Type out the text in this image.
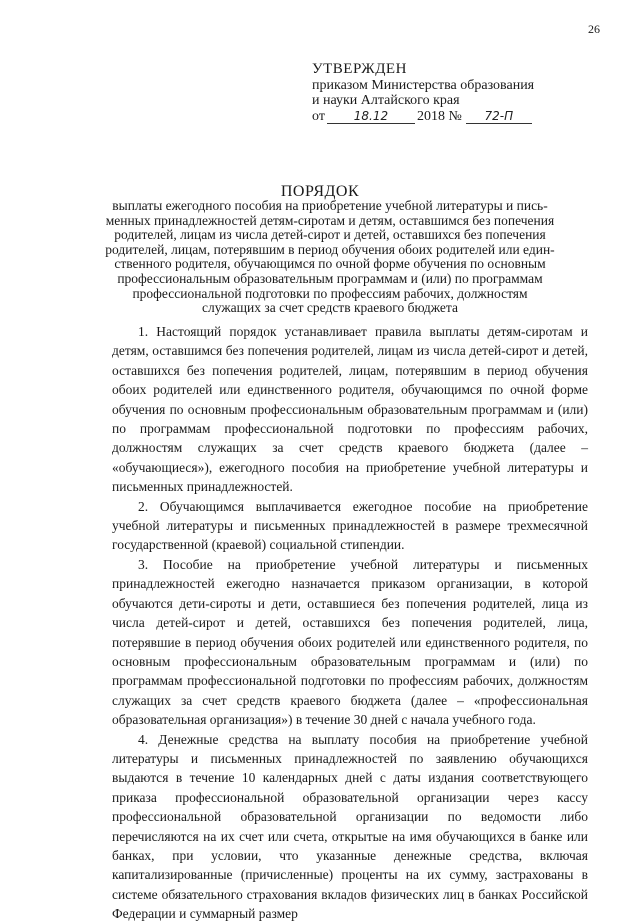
26
УТВЕРЖДЕН
приказом Министерства образования
и науки Алтайского края
от 18.12 2018 № 72-П
ПОРЯДОК
выплаты ежегодного пособия на приобретение учебной литературы и пись-
менных принадлежностей детям-сиротам и детям, оставшимся без попечения
родителей, лицам из числа детей-сирот и детей, оставшихся без попечения
родителей, лицам, потерявшим в период обучения обоих родителей или един-
ственного родителя, обучающимся по очной форме обучения по основным
профессиональным образовательным программам и (или) по программам
профессиональной подготовки по профессиям рабочих, должностям
служащих за счет средств краевого бюджета

1. Настоящий порядок устанавливает правила выплаты детям-сиротам и детям, оставшимся без попечения родителей, лицам из числа детей-сирот и детей, оставшихся без попечения родителей, лицам, потерявшим в период обучения обоих родителей или единственного родителя, обучающимся по очной форме обучения по основным профессиональным образовательным программам и (или) по программам профессиональной подготовки по профессиям рабочих, должностям служащих за счет средств краевого бюджета (далее – «обучающиеся»), ежегодного пособия на приобретение учебной литературы и письменных принадлежностей.

2. Обучающимся выплачивается ежегодное пособие на приобретение учебной литературы и письменных принадлежностей в размере трехмесячной государственной (краевой) социальной стипендии.

3. Пособие на приобретение учебной литературы и письменных принадлежностей ежегодно назначается приказом организации, в которой обучаются дети-сироты и дети, оставшиеся без попечения родителей, лица из числа детей-сирот и детей, оставшихся без попечения родителей, лица, потерявшие в период обучения обоих родителей или единственного родителя, по основным профессиональным образовательным программам и (или) по программам профессиональной подготовки по профессиям рабочих, должностям служащих за счет средств краевого бюджета (далее – «профессиональная образовательная организация») в течение 30 дней с начала учебного года.

4. Денежные средства на выплату пособия на приобретение учебной литературы и письменных принадлежностей по заявлению обучающихся выдаются в течение 10 календарных дней с даты издания соответствующего приказа профессиональной образовательной организации через кассу профессиональной образовательной организации по ведомости либо перечисляются на их счет или счета, открытые на имя обучающихся в банке или банках, при условии, что указанные денежные средства, включая капитализированные (причисленные) проценты на их сумму, застрахованы в системе обязательного страхования вкладов физических лиц в банках Российской Федерации и суммарный размер
